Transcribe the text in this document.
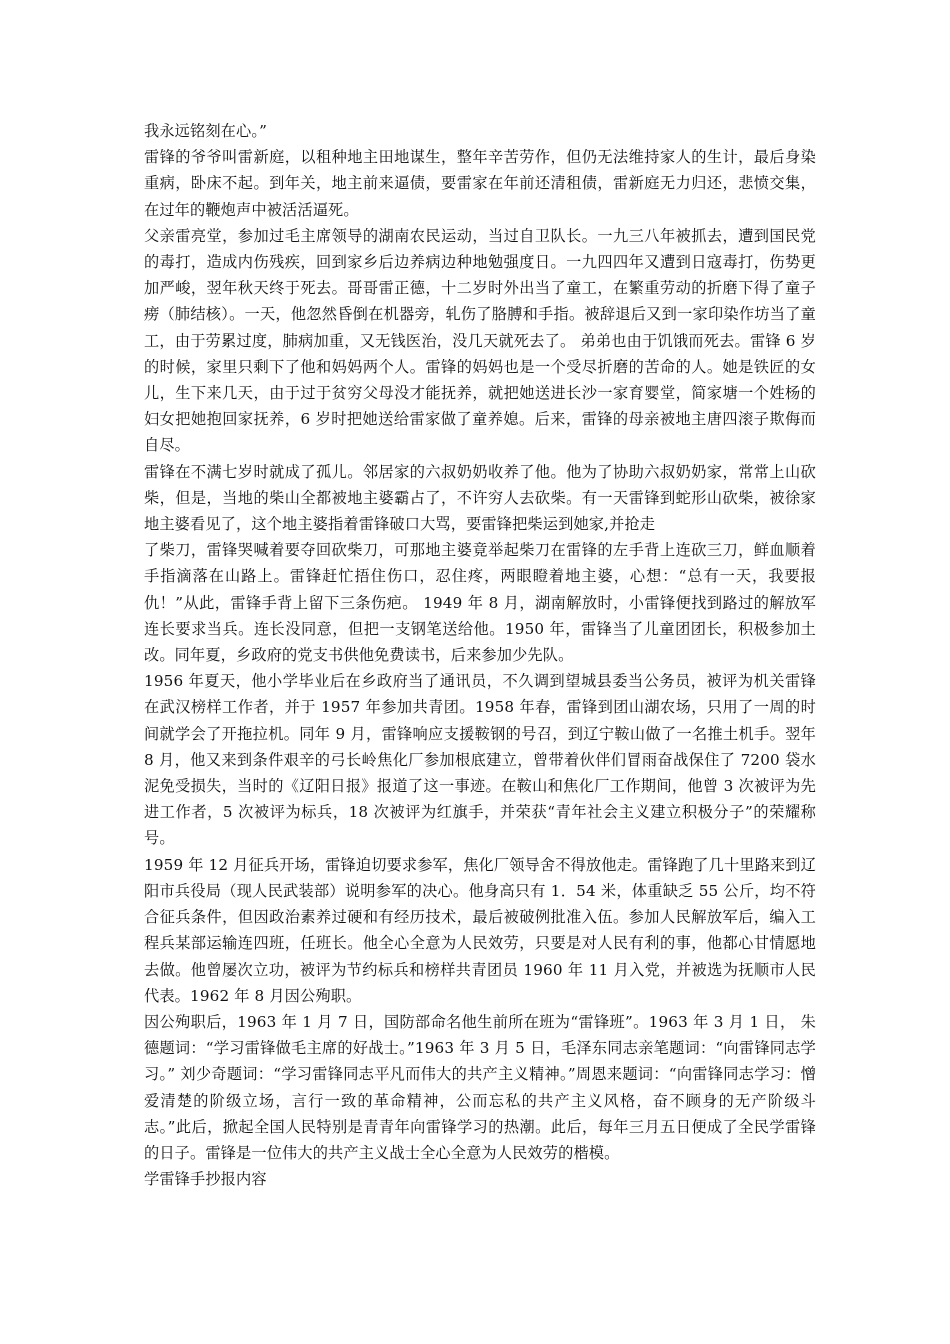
我永远铭刻在心。”

雷锋的爷爷叫雷新庭，以租种地主田地谋生，整年辛苦劳作，但仍无法维持家人的生计，最后身染重病，卧床不起。到年关，地主前来逼债，要雷家在年前还清租债，雷新庭无力归还，悲愤交集，在过年的鞭炮声中被活活逼死。

父亲雷亮堂，参加过毛主席领导的湖南农民运动，当过自卫队长。一九三八年被抓去，遭到国民党的毒打，造成内伤残疾，回到家乡后边养病边种地勉强度日。一九四四年又遭到日寇毒打，伤势更加严峻，翌年秋天终于死去。哥哥雷正德，十二岁时外出当了童工，在繁重劳动的折磨下得了童子痨（肺结核）。一天，他忽然昏倒在机器旁，轧伤了胳膊和手指。被辞退后又到一家印染作坊当了童工，由于劳累过度，肺病加重，又无钱医治，没几天就死去了。 弟弟也由于饥饿而死去。雷锋 6 岁的时候，家里只剩下了他和妈妈两个人。雷锋的妈妈也是一个受尽折磨的苦命的人。她是铁匠的女儿，生下来几天，由于过于贫穷父母没才能抚养，就把她送进长沙一家育婴堂，简家塘一个姓杨的妇女把她抱回家抚养，6 岁时把她送给雷家做了童养媳。后来，雷锋的母亲被地主唐四滚子欺侮而自尽。

雷锋在不满七岁时就成了孤儿。邻居家的六叔奶奶收养了他。他为了协助六叔奶奶家，常常上山砍柴，但是，当地的柴山全都被地主婆霸占了，不许穷人去砍柴。有一天雷锋到蛇形山砍柴，被徐家地主婆看见了，这个地主婆指着雷锋破口大骂，要雷锋把柴运到她家,并抢走

了柴刀，雷锋哭喊着要夺回砍柴刀，可那地主婆竟举起柴刀在雷锋的左手背上连砍三刀，鲜血顺着手指滴落在山路上。雷锋赶忙捂住伤口，忍住疼，两眼瞪着地主婆，心想：“总有一天，我要报仇！”从此，雷锋手背上留下三条伤疤。 1949 年 8 月，湖南解放时，小雷锋便找到路过的解放军连长要求当兵。连长没同意，但把一支钢笔送给他。1950 年，雷锋当了儿童团团长，积极参加土改。同年夏，乡政府的党支书供他免费读书，后来参加少先队。

1956 年夏天，他小学毕业后在乡政府当了通讯员，不久调到望城县委当公务员，被评为机关雷锋在武汉榜样工作者，并于 1957 年参加共青团。1958 年春，雷锋到团山湖农场，只用了一周的时间就学会了开拖拉机。同年 9 月，雷锋响应支援鞍钢的号召，到辽宁鞍山做了一名推土机手。翌年 8 月，他又来到条件艰辛的弓长岭焦化厂参加根底建立，曾带着伙伴们冒雨奋战保住了 7200 袋水泥免受损失，当时的《辽阳日报》报道了这一事迹。在鞍山和焦化厂工作期间，他曾 3 次被评为先进工作者，5 次被评为标兵，18 次被评为红旗手，并荣获“青年社会主义建立积极分子”的荣耀称号。

1959 年 12 月征兵开场，雷锋迫切要求参军，焦化厂领导舍不得放他走。雷锋跑了几十里路来到辽阳市兵役局（现人民武装部）说明参军的决心。他身高只有 1．54 米，体重缺乏 55 公斤，均不符合征兵条件，但因政治素养过硬和有经历技术，最后被破例批准入伍。参加人民解放军后，编入工程兵某部运输连四班，任班长。他全心全意为人民效劳，只要是对人民有利的事，他都心甘情愿地去做。他曾屡次立功，被评为节约标兵和榜样共青团员 1960 年 11 月入党，并被选为抚顺市人民代表。1962 年 8 月因公殉职。

因公殉职后，1963 年 1 月 7 日，国防部命名他生前所在班为“雷锋班”。1963 年 3 月 1 日， 朱德题词：“学习雷锋做毛主席的好战士。”1963 年 3 月 5 日，毛泽东同志亲笔题词：“向雷锋同志学习。” 刘少奇题词：“学习雷锋同志平凡而伟大的共产主义精神。”周恩来题词：“向雷锋同志学习：憎爱清楚的阶级立场，言行一致的革命精神，公而忘私的共产主义风格，奋不顾身的无产阶级斗志。”此后，掀起全国人民特别是青青年向雷锋学习的热潮。此后，每年三月五日便成了全民学雷锋的日子。雷锋是一位伟大的共产主义战士全心全意为人民效劳的楷模。

学雷锋手抄报内容
